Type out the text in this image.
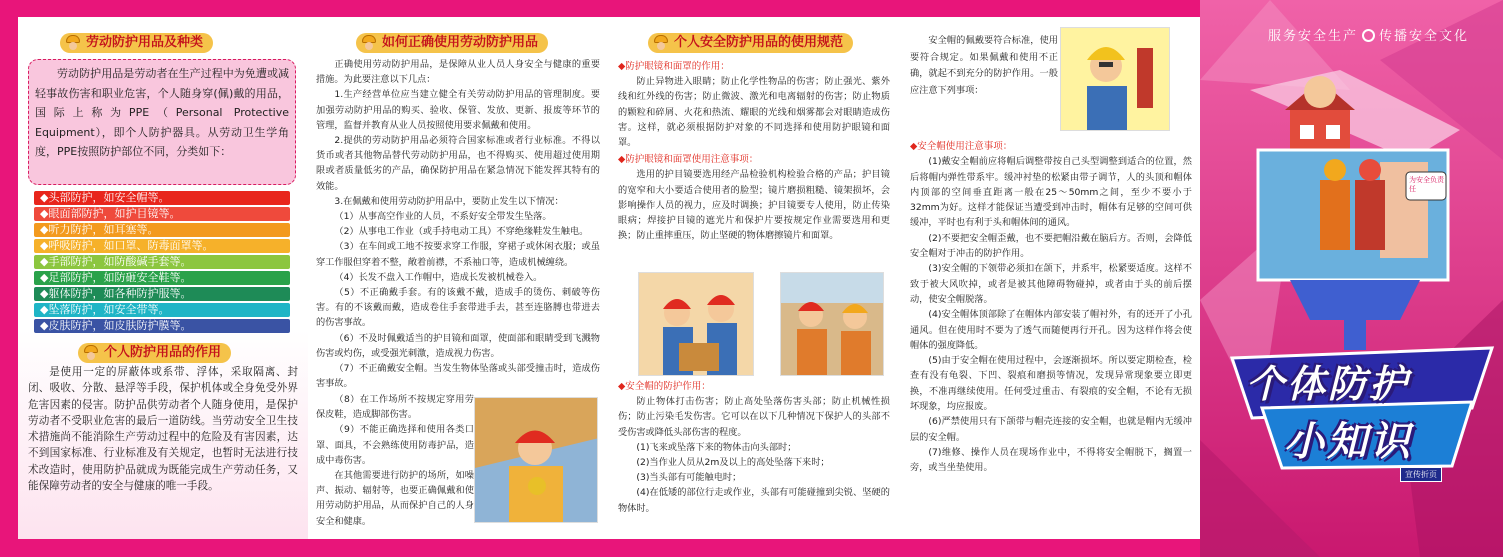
服务安全生产 传播安全文化
为安全负责任
个体防护
小知识
宣传折页
劳动防护用品及种类

劳动防护用品是劳动者在生产过程中为免遭或减轻事故伤害和职业危害，个人随身穿(佩)戴的用品，国际上称为PPE（Personal Protective Equipment），即个人防护器具。从劳动卫生学角度，PPE按照防护部位不同，分类如下：

◆头部防护，如安全帽等。
◆眼面部防护，如护目镜等。
◆听力防护，如耳塞等。
◆呼吸防护，如口罩、防毒面罩等。
◆手部防护，如防酸碱手套等。
◆足部防护，如防砸安全鞋等。
◆躯体防护，如各种防护服等。
◆坠落防护，如安全带等。
◆皮肤防护，如皮肤防护膜等。
个人防护用品的作用

是使用一定的屏蔽体或系带、浮体，采取隔离、封闭、吸收、分散、悬浮等手段，保护机体或全身免受外界危害因素的侵害。防护品供劳动者个人随身使用，是保护劳动者不受职业危害的最后一道防线。当劳动安全卫生技术措施尚不能消除生产劳动过程中的危险及有害因素，达不到国家标准、行业标准及有关规定，也暂时无法进行技术改造时，使用防护品就成为既能完成生产劳动任务，又能保障劳动者的安全与健康的唯一手段。

如何正确使用劳动防护用品

正确使用劳动防护用品，是保障从业人员人身安全与健康的重要措施。为此要注意以下几点：

1.生产经营单位应当建立健全有关劳动防护用品的管理制度。要加强劳动防护用品的购买、验收、保管、发放、更新、报废等环节的管理，监督并教育从业人员按照使用要求佩戴和使用。

2.提供的劳动防护用品必须符合国家标准或者行业标准。不得以货币或者其他物品替代劳动防护用品，也不得购买、使用超过使用期限或者质量低劣的产品，确保防护用品在紧急情况下能发挥其特有的效能。

3.在佩戴和使用劳动防护用品中，要防止发生以下情况：

（1）从事高空作业的人员，不系好安全带发生坠落。

（2）从事电工作业（或手持电动工具）不穿绝缘鞋发生触电。

（3）在车间或工地不按要求穿工作服，穿裙子或休闲衣服；或虽穿工作服但穿着不整，敞着前襟，不系袖口等，造成机械缠绕。

（4）长发不盘入工作帽中，造成长发被机械卷入。

（5）不正确戴手套。有的该戴不戴，造成手的烫伤、刺破等伤害。有的不该戴而戴，造成卷住手套带进手去，甚至连胳膊也带进去的伤害事故。

（6）不及时佩戴适当的护目镜和面罩，使面部和眼睛受到飞溅物伤害或灼伤，或受强光刺激，造成视力伤害。

（7）不正确戴安全帽。当发生物体坠落或头部受撞击时，造成伤害事故。

（8）在工作场所不按规定穿用劳保皮鞋，造成脚部伤害。

（9）不能正确选择和使用各类口罩、面具，不会熟练使用防毒护品，造成中毒伤害。

在其他需要进行防护的场所，如噪声、振动、辐射等，也要正确佩戴和使用劳动防护用品，从而保护自己的人身安全和健康。

个人安全防护用品的使用规范
◆防护眼镜和面罩的作用：

防止异物进入眼睛；防止化学性物品的伤害；防止强光、紫外线和红外线的伤害；防止微波、激光和电离辐射的伤害；防止物质的颗粒和碎屑、火花和热流、耀眼的光线和烟雾都会对眼睛造成伤害。这样，就必须根据防护对象的不同选择和使用防护眼镜和面罩。

◆防护眼镜和面罩使用注意事项：

选用的护目镜要选用经产品检验机构检验合格的产品；护目镜的宽窄和大小要适合使用者的脸型；镜片磨损粗糙、镜架损坏，会影响操作人员的视力，应及时调换；护目镜要专人使用，防止传染眼病；焊接护目镜的遮光片和保护片要按规定作业需要选用和更换；防止重摔重压，防止坚硬的物体磨擦镜片和面罩。

◆安全帽的防护作用：

防止物体打击伤害；防止高处坠落伤害头部；防止机械性损伤；防止污染毛发伤害。它可以在以下几种情况下保护人的头部不受伤害或降低头部伤害的程度。

(1)飞来或坠落下来的物体击向头部时；

(2)当作业人员从2m及以上的高处坠落下来时；

(3)当头部有可能触电时；

(4)在低矮的部位行走或作业，头部有可能碰撞到尖锐、坚硬的物体时。

安全帽的佩戴要符合标准，使用要符合规定。如果佩戴和使用不正确，就起不到充分的防护作用。一般应注意下列事项：

◆安全帽使用注意事项：

(1)戴安全帽前应将帽后调整带按自己头型调整到适合的位置，然后将帽内弹性带系牢。缓冲衬垫的松紧由带子调节，人的头顶和帽体内顶部的空间垂直距离一般在25～50mm之间，至少不要小于32mm为好。这样才能保证当遭受到冲击时，帽体有足够的空间可供缓冲，平时也有利于头和帽体间的通风。

(2)不要把安全帽歪戴，也不要把帽沿戴在脑后方。否则，会降低安全帽对于冲击的防护作用。

(3)安全帽的下领带必须扣在颌下，并系牢，松紧要适度。这样不致于被大风吹掉，或者是被其他障碍物碰掉，或者由于头的前后摆动，使安全帽脱落。

(4)安全帽体顶部除了在帽体内部安装了帽衬外，有的还开了小孔通风。但在使用时不要为了透气而随便再行开孔。因为这样作将会使帽体的强度降低。

(5)由于安全帽在使用过程中，会逐渐损坏。所以要定期检查，检查有没有龟裂、下凹、裂痕和磨损等情况，发现异常现象要立即更换，不准再继续使用。任何受过重击、有裂痕的安全帽，不论有无损坏现象，均应报废。

(6)严禁使用只有下颌带与帽壳连接的安全帽，也就是帽内无缓冲层的安全帽。

(7)维修、操作人员在现场作业中，不得将安全帽脱下，搁置一旁，或当坐垫使用。
